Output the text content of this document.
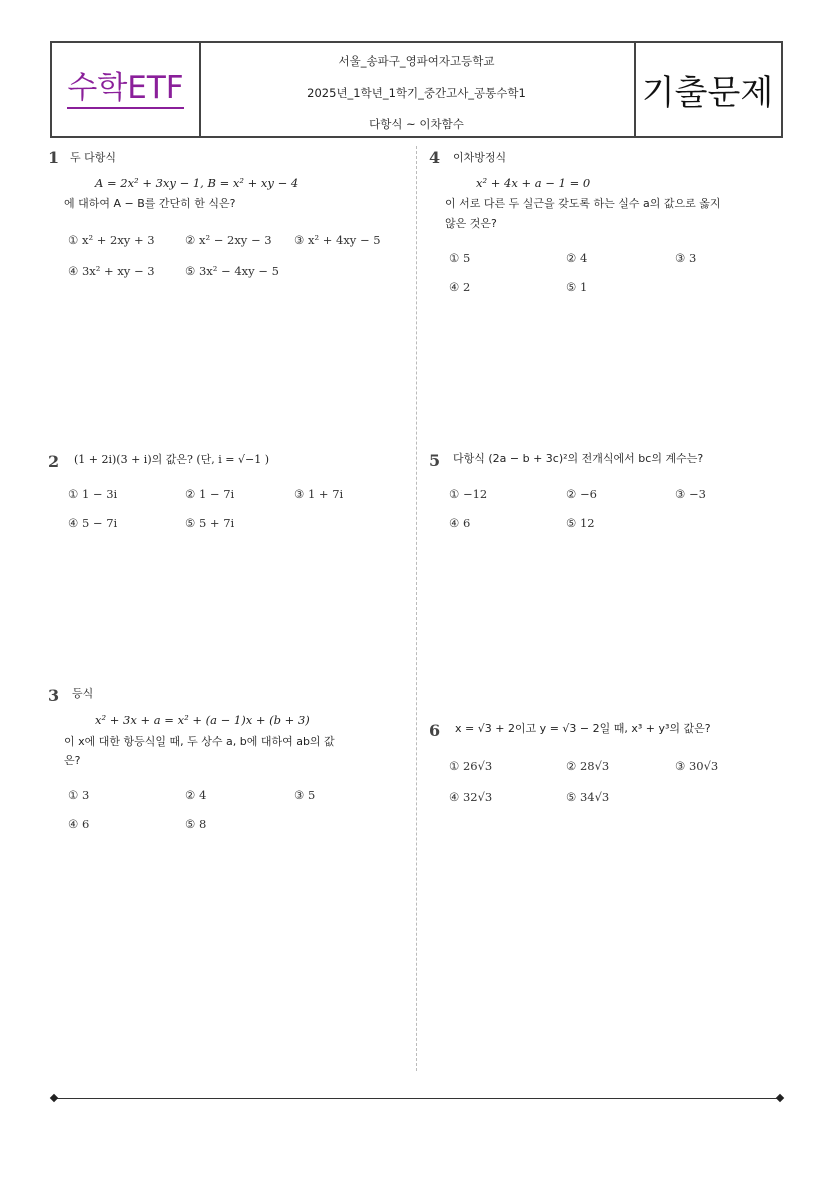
수학ETF
서울_송파구_영파여자고등학교
2025년_1학년_1학기_중간고사_공통수학1
다항식 ~ 이차함수
기출문제
1 두 다항식
A = 2x² + 3xy − 1, B = x² + xy − 4
에 대하여 A − B를 간단히 한 식은?
① x² + 2xy + 3	② x² − 2xy − 3 ③ x² + 4xy − 5
④ 3x² + xy − 3	⑤ 3x² − 4xy − 5
2 (1 + 2i)(3 + i)의 값은? (단, i = √−1 )
① 1 − 3i	② 1 − 7i	③ 1 + 7i
④ 5 − 7i	⑤ 5 + 7i
3 등식
x² + 3x + a = x² + (a − 1)x + (b + 3)
이 x에 대한 항등식일 때, 두 상수 a, b에 대하여 ab의 값
은?
① 3	② 4	③ 5
④ 6	⑤ 8
4 이차방정식
x² + 4x + a − 1 = 0
이 서로 다른 두 실근을 갖도록 하는 실수 a의 값으로 옳지
않은 것은?
① 5	② 4	③ 3
④ 2	⑤ 1
5 다항식 (2a − b + 3c)²의 전개식에서 bc의 계수는?
① −12	② −6	③ −3
④ 6	⑤ 12
6 x = √3 + 2이고 y = √3 − 2일 때, x³ + y³의 값은?
① 26√3	② 28√3	③ 30√3
④ 32√3	⑤ 34√3
